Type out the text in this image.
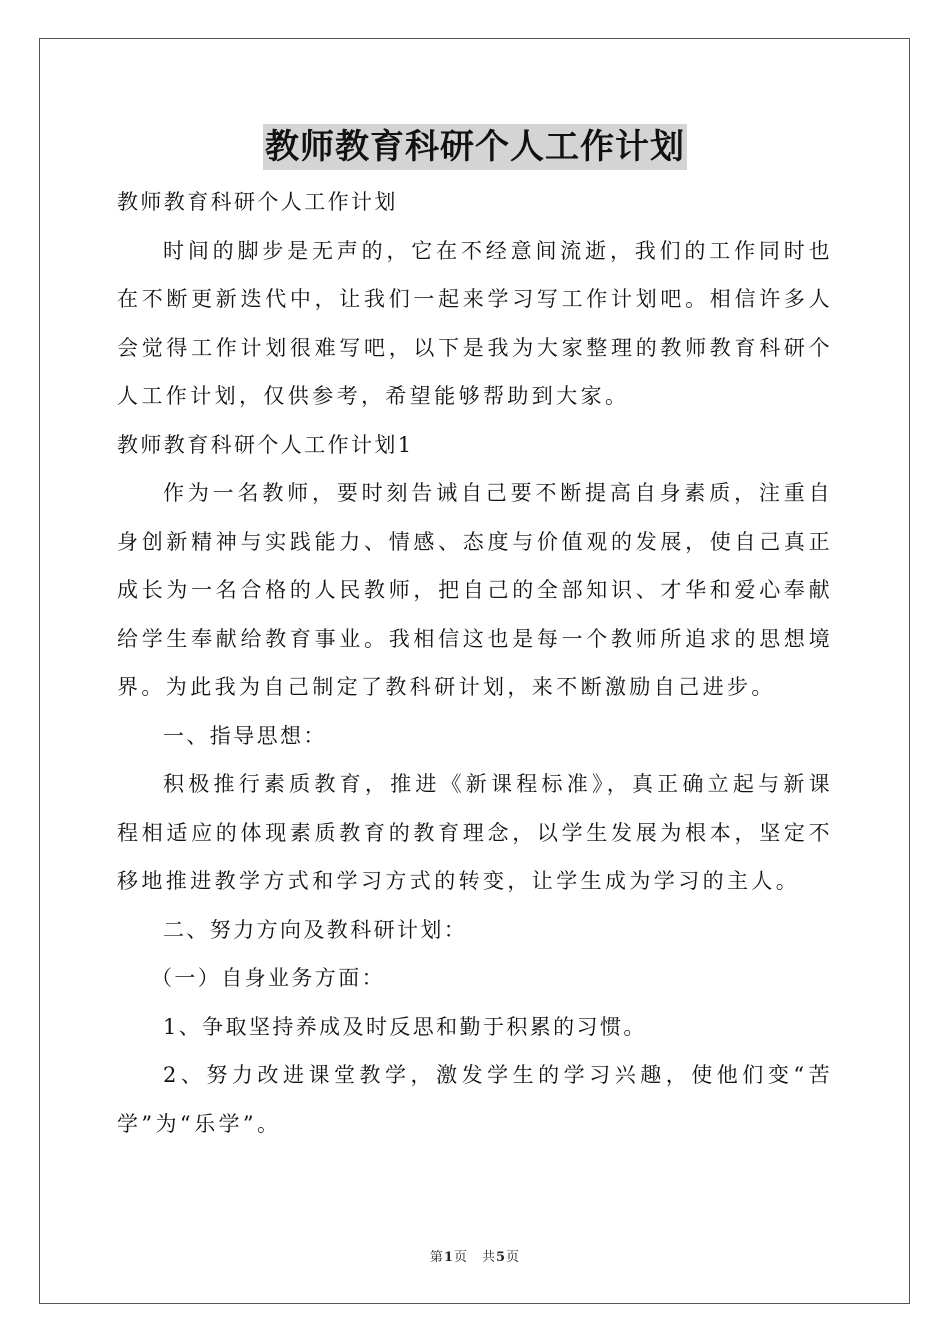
教师教育科研个人工作计划
教师教育科研个人工作计划

时间的脚步是无声的，它在不经意间流逝，我们的工作同时也在不断更新迭代中，让我们一起来学习写工作计划吧。相信许多人会觉得工作计划很难写吧，以下是我为大家整理的教师教育科研个人工作计划，仅供参考，希望能够帮助到大家。

教师教育科研个人工作计划1

作为一名教师，要时刻告诫自己要不断提高自身素质，注重自身创新精神与实践能力、情感、态度与价值观的发展，使自己真正成长为一名合格的人民教师，把自己的全部知识、才华和爱心奉献给学生奉献给教育事业。我相信这也是每一个教师所追求的思想境界。为此我为自己制定了教科研计划，来不断激励自己进步。

一、指导思想：

积极推行素质教育，推进《新课程标准》，真正确立起与新课程相适应的体现素质教育的教育理念，以学生发展为根本，坚定不移地推进教学方式和学习方式的转变，让学生成为学习的主人。

二、努力方向及教科研计划：
（一）自身业务方面：
1、争取坚持养成及时反思和勤于积累的习惯。

2、努力改进课堂教学，激发学生的学习兴趣，使他们变“苦学”为“乐学”。

第1页　共5页
